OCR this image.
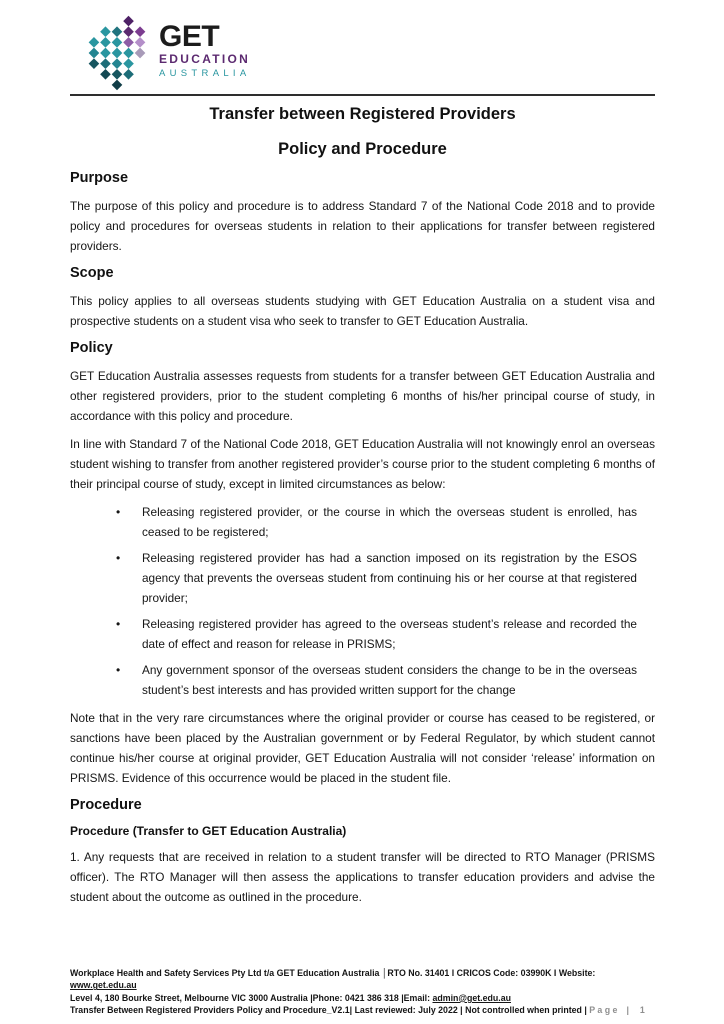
GET
EDUCATION
AUSTRALIA
Transfer between Registered Providers
Policy and Procedure
Purpose

The purpose of this policy and procedure is to address Standard 7 of the National Code 2018 and to provide policy and procedures for overseas students in relation to their applications for transfer between registered providers.

Scope

This policy applies to all overseas students studying with GET Education Australia on a student visa and prospective students on a student visa who seek to transfer to GET Education Australia.

Policy

GET Education Australia assesses requests from students for a transfer between GET Education Australia and other registered providers, prior to the student completing 6 months of his/her principal course of study, in accordance with this policy and procedure.

In line with Standard 7 of the National Code 2018, GET Education Australia will not knowingly enrol an overseas student wishing to transfer from another registered provider’s course prior to the student completing 6 months of their principal course of study, except in limited circumstances as below:

• Releasing registered provider, or the course in which the overseas student is enrolled, has ceased to be registered;
• Releasing registered provider has had a sanction imposed on its registration by the ESOS agency that prevents the overseas student from continuing his or her course at that registered provider;
• Releasing registered provider has agreed to the overseas student’s release and recorded the date of effect and reason for release in PRISMS;
• Any government sponsor of the overseas student considers the change to be in the overseas student’s best interests and has provided written support for the change

Note that in the very rare circumstances where the original provider or course has ceased to be registered, or sanctions have been placed by the Australian government or by Federal Regulator, by which student cannot continue his/her course at original provider, GET Education Australia will not consider ‘release’ information on PRISMS. Evidence of this occurrence would be placed in the student file.

Procedure
Procedure (Transfer to GET Education Australia)

1. Any requests that are received in relation to a student transfer will be directed to RTO Manager (PRISMS officer). The RTO Manager will then assess the applications to transfer education providers and advise the student about the outcome as outlined in the procedure.

Workplace Health and Safety Services Pty Ltd t/a GET Education Australia │RTO No. 31401 l CRICOS Code: 03990K I Website: www.get.edu.au
Level 4, 180 Bourke Street, Melbourne VIC 3000 Australia |Phone: 0421 386 318 |Email: admin@get.edu.au
Transfer Between Registered Providers Policy and Procedure_V2.1| Last reviewed: July 2022 | Not controlled when printed | P a g e | 1
